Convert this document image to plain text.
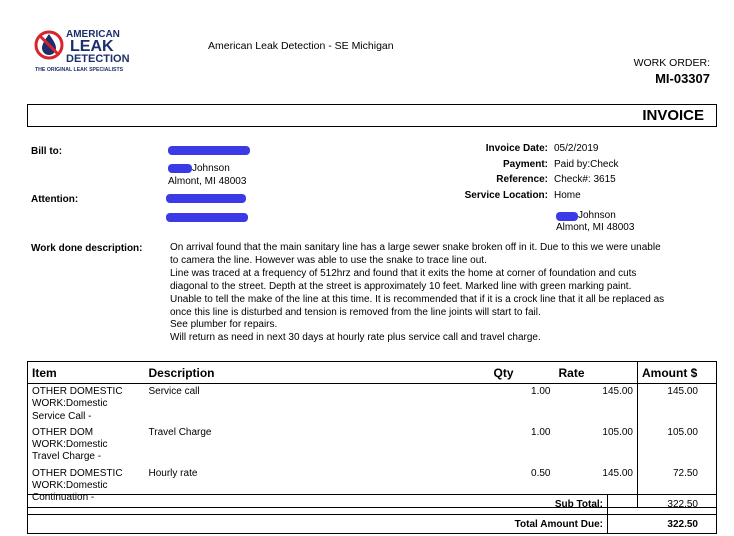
AMERICAN
LEAK
DETECTION
THE ORIGINAL LEAK SPECIALISTS
American Leak Detection - SE Michigan
WORK ORDER:
MI-03307
INVOICE
Bill to:
Johnson
Almont, MI 48003
Attention:
Invoice Date: 05/2/2019
Payment: Paid by:Check
Reference: Check#: 3615
Service Location: Home
Johnson
Almont, MI 48003
Work done description:	On arrival found that the main sanitary line has a large sewer snake broken off in it. Due to this we were unable
to camera the line. However was able to use the snake to trace line out.
Line was traced at a frequency of 512hrz and found that it exits the home at corner of foundation and cuts
diagonal to the street. Depth at the street is approximately 10 feet. Marked line with green marking paint.
Unable to tell the make of the line at this time. It is recommended that if it is a crock line that it all be replaced as
once this line is disturbed and tension is removed from the line joints will start to fail.
See plumber for repairs.
Will return as need in next 30 days at hourly rate plus service call and travel charge.
Item	Description	Qty	Rate	Amount $

OTHER DOMESTIC
WORK:Domestic
Service Call -	Service call	1.00	145.00	145.00

OTHER DOM
WORK:Domestic
Travel Charge -	Travel Charge	1.00	105.00	105.00

OTHER DOMESTIC
WORK:Domestic
Continuation -	Hourly rate	0.50	145.00	72.50
Sub Total:	322.50
Total Amount Due:	322.50
